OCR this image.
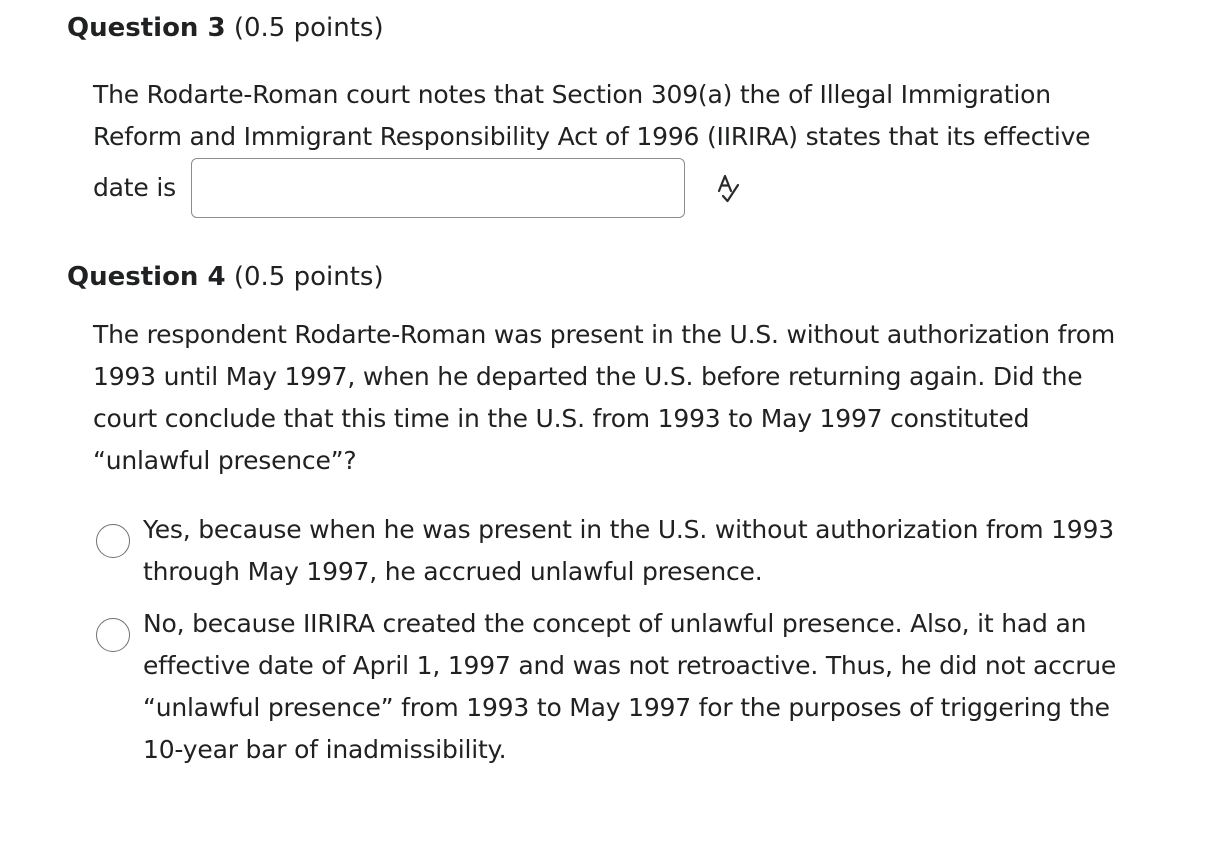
Question 3 (0.5 points)
The Rodarte-Roman court notes that Section 309(a) the of Illegal Immigration
Reform and Immigrant Responsibility Act of 1996 (IIRIRA) states that its effective
date is
Question 4 (0.5 points)
The respondent Rodarte-Roman was present in the U.S. without authorization from
1993 until May 1997, when he departed the U.S. before returning again. Did the
court conclude that this time in the U.S. from 1993 to May 1997 constituted
“unlawful presence”?
Yes, because when he was present in the U.S. without authorization from 1993
through May 1997, he accrued unlawful presence.
No, because IIRIRA created the concept of unlawful presence. Also, it had an
effective date of April 1, 1997 and was not retroactive. Thus, he did not accrue
“unlawful presence” from 1993 to May 1997 for the purposes of triggering the
10-year bar of inadmissibility.
